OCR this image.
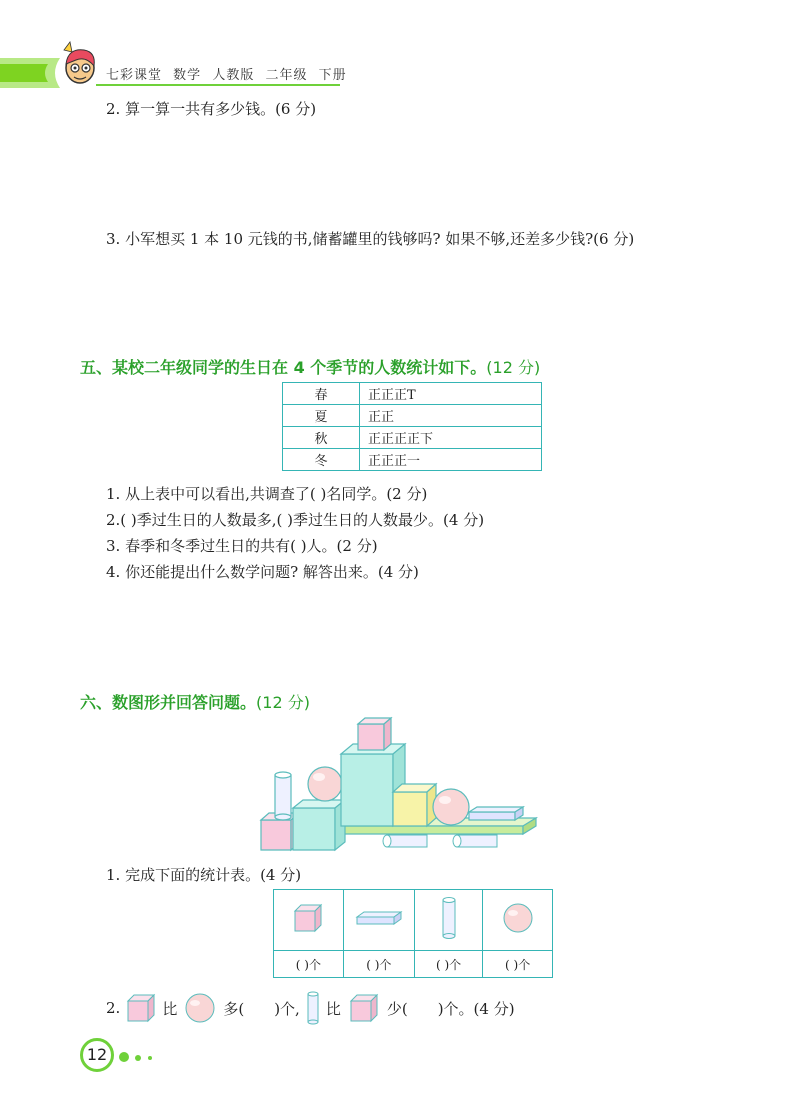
七彩课堂 数学 人教版 二年级 下册
2. 算一算一共有多少钱。(6 分)
3. 小军想买 1 本 10 元钱的书,储蓄罐里的钱够吗? 如果不够,还差多少钱?(6 分)
五、某校二年级同学的生日在 4 个季节的人数统计如下。(12 分)
春	正正正T
夏	正正
秋	正正正正下
冬	正正正一
1. 从上表中可以看出,共调查了( )名同学。(2 分)
2.( )季过生日的人数最多,( )季过生日的人数最少。(4 分)
3. 春季和冬季过生日的共有( )人。(2 分)
4. 你还能提出什么数学问题? 解答出来。(4 分)
六、数图形并回答问题。(12 分)
1. 完成下面的统计表。(4 分)

( )个	( )个	( )个	( )个
2.	比	多( )个, 比	少( )个。(4 分)
12
